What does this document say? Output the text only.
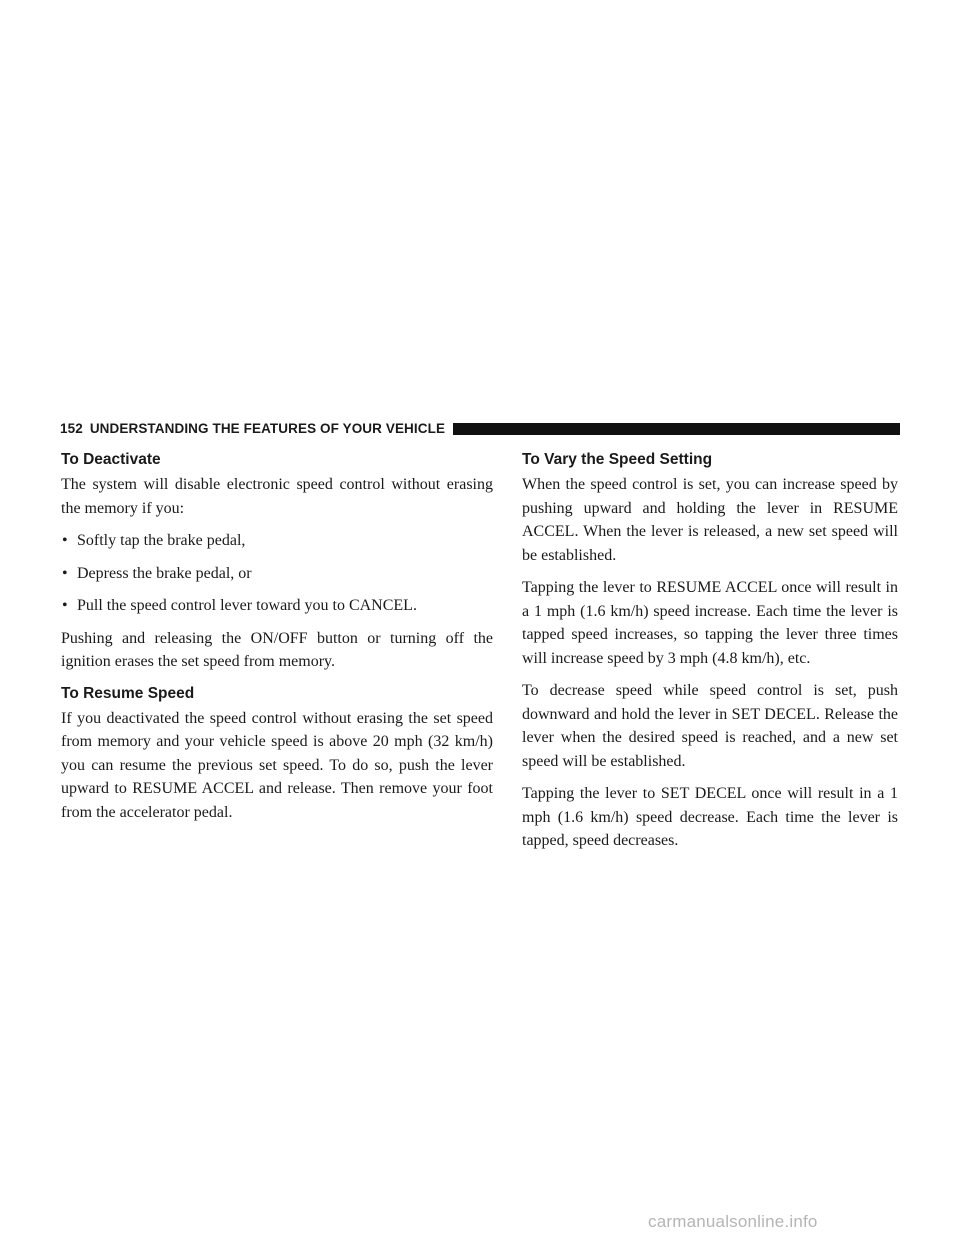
152 UNDERSTANDING THE FEATURES OF YOUR VEHICLE
To Deactivate

The system will disable electronic speed control without erasing the memory if you:

• Softly tap the brake pedal,
• Depress the brake pedal, or
• Pull the speed control lever toward you to CANCEL.

Pushing and releasing the ON/OFF button or turning off the ignition erases the set speed from memory.

To Resume Speed

If you deactivated the speed control without erasing the set speed from memory and your vehicle speed is above 20 mph (32 km/h) you can resume the previous set speed. To do so, push the lever upward to RESUME ACCEL and release. Then remove your foot from the accelerator pedal.

To Vary the Speed Setting

When the speed control is set, you can increase speed by pushing upward and holding the lever in RESUME ACCEL. When the lever is released, a new set speed will be established.

Tapping the lever to RESUME ACCEL once will result in a 1 mph (1.6 km/h) speed increase. Each time the lever is tapped speed increases, so tapping the lever three times will increase speed by 3 mph (4.8 km/h), etc.

To decrease speed while speed control is set, push downward and hold the lever in SET DECEL. Release the lever when the desired speed is reached, and a new set speed will be established.

Tapping the lever to SET DECEL once will result in a 1 mph (1.6 km/h) speed decrease. Each time the lever is tapped, speed decreases.

carmanualsonline.info
